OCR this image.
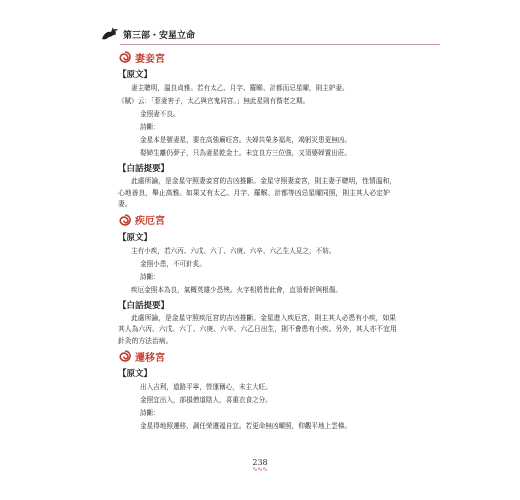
第三部・安星立命
妻妾宮
【原文】

妻主聰明，溫良貞雅。若有太乙、月字、羅睺、計都而忌星曜，則主妒妻。

《賦》云：「惹妻害子，太乙與官鬼同宮。」無此星則有偕老之期。

金照妻不良。

詩斷：

金星本是號妻星，要在高強廟旺宮。夫婦共榮多福兆，竭躬災患更無凶。

娶婦生離仍夢子，只為妻星乾金土。未宜良方三位強，又須婆婦置田莊。

【白話提要】

此處所論，是金星守照妻妾宮的吉凶推斷。金星守照妻妾宮，則主妻子聰明，性情溫和，心地善良，舉止高雅。如果又有太乙、月字、羅睺、計都等凶忌星曜同照，則主其人必定妒妻。

疾厄宮
【原文】

主有小疾，若六丙、六戊、六丁、六庚、六辛、六乙生人見之，不妨。

金照小患，不可針炙。

詩斷：

疾厄金照本為良，氣概英雄少恐殃。火字相將皆此會，直須骨折與根傷。

【白話提要】

此處所論，是金星守照疾厄宮的吉凶推斷。金星進入疾厄宮，則主其人必患有小疾，如果其人為六丙、六戊、六丁、六庚、六辛、六乙日出生，則不會患有小疾。另外，其人亦不宜用針灸的方法治病。

遷移宮
【原文】

出入吉利，道路平寧，營運稱心，未主大旺。

金照宜出入，部損僧道陰人，喜重衣食之分。

詩斷：

金星得地照遷移，調任荣遷福自宜。若更命無凶曜照，仰觀平地上雲梯。

238
∿∿∿
